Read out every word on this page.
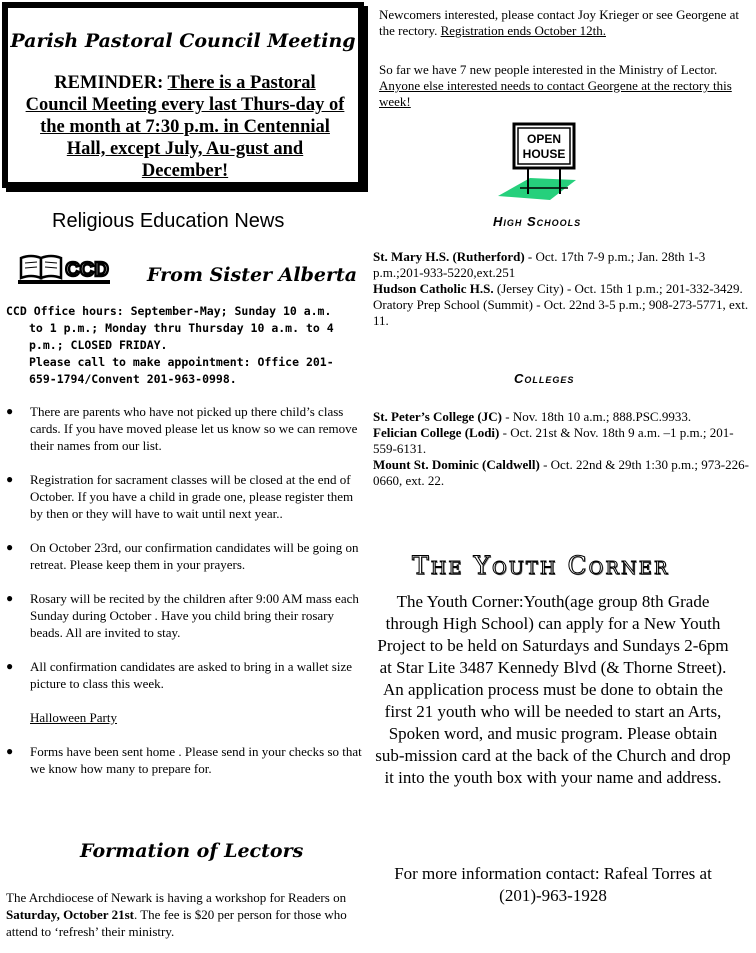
Parish Pastoral Council Meeting
REMINDER: There is a Pastoral Council Meeting every last Thurs-day of the month at 7:30 p.m. in Centennial Hall, except July, Au-gust and December!
Newcomers interested, please contact Joy Krieger or see Georgene at the rectory. Registration ends October 12th.
So far we have 7 new people interested in the Ministry of Lector. Anyone else interested needs to contact Georgene at the rectory this week!
OPEN
HOUSE
High Schools
St. Mary H.S. (Rutherford) - Oct. 17th 7-9 p.m.; Jan. 28th 1-3 p.m.;201-933-5220,ext.251
Hudson Catholic H.S. (Jersey City) - Oct. 15th 1 p.m.; 201-332-3429.
Oratory Prep School (Summit) - Oct. 22nd 3-5 p.m.; 908-273-5771, ext. 11.
Colleges
St. Peter’s College (JC) - Nov. 18th 10 a.m.; 888.PSC.9933.
Felician College (Lodi) - Oct. 21st & Nov. 18th 9 a.m. –1 p.m.; 201-559-6131.
Mount St. Dominic (Caldwell) - Oct. 22nd & 29th 1:30 p.m.; 973-226-0660, ext. 22.
Religious Education News
CCD From Sister Alberta
CCD Office hours: September-May; Sunday 10 a.m.
to 1 p.m.; Monday thru Thursday 10 a.m. to 4
p.m.; CLOSED FRIDAY.
Please call to make appointment: Office 201-
659-1794/Convent 201-963-0998.
● There are parents who have not picked up there child’s class cards. If you have moved please let us know so we can remove their names from our list.
● Registration for sacrament classes will be closed at the end of October. If you have a child in grade one, please register them by then or they will have to wait until next year..
● On October 23rd, our confirmation candidates will be going on retreat. Please keep them in your prayers.
● Rosary will be recited by the children after 9:00 AM mass each Sunday during October . Have you child bring their rosary beads. All are invited to stay.
● All confirmation candidates are asked to bring in a wallet size picture to class this week.
Halloween Party
● Forms have been sent home . Please send in your checks so that we know how many to prepare for.
Formation of Lectors
The Archdiocese of Newark is having a workshop for Readers on Saturday, October 21st. The fee is $20 per person for those who attend to ‘refresh’ their ministry.
The Youth Corner
The Youth Corner:Youth(age group 8th Grade through High School) can apply for a New Youth Project to be held on Saturdays and Sundays 2-6pm at Star Lite 3487 Kennedy Blvd (& Thorne Street). An application process must be done to obtain the first 21 youth who will be needed to start an Arts, Spoken word, and music program. Please obtain sub-mission card at the back of the Church and drop it into the youth box with your name and address.
For more information contact: Rafeal Torres at (201)-963-1928
